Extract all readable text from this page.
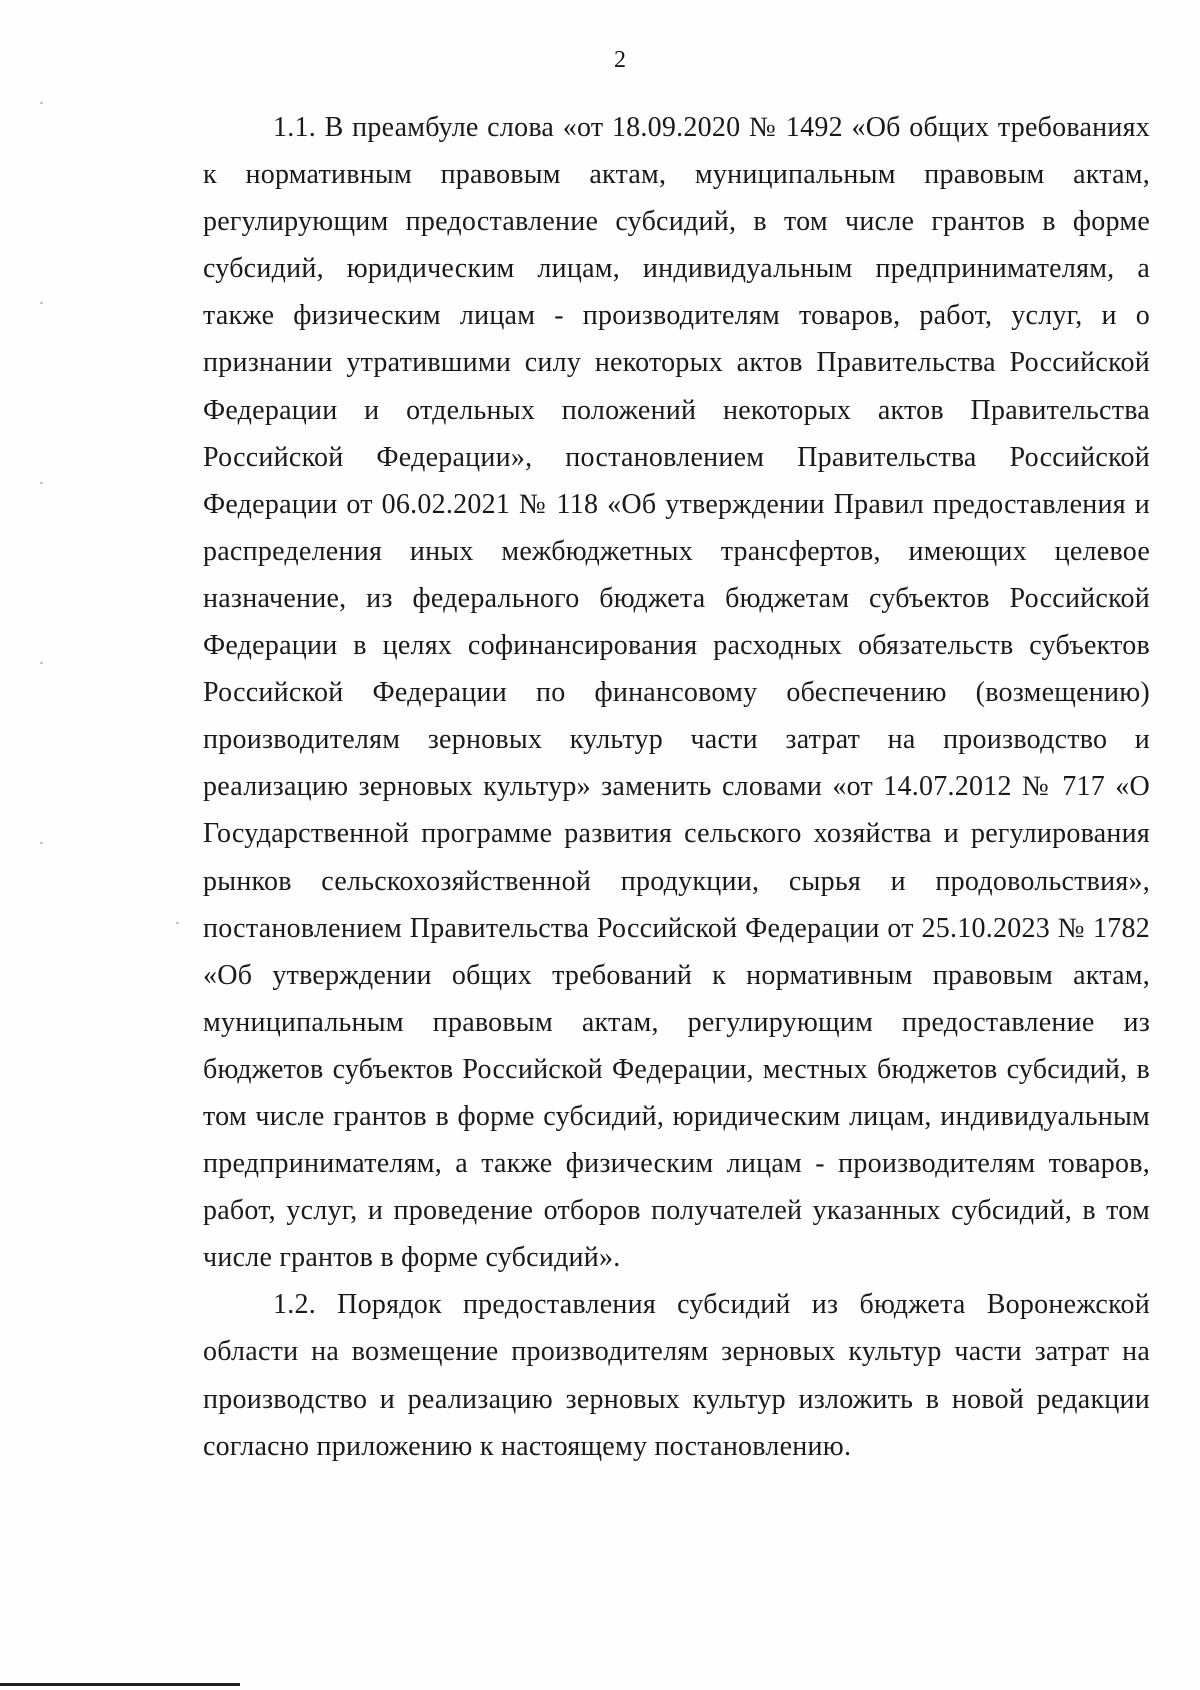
2

1.1. В преамбуле слова «от 18.09.2020 № 1492 «Об общих требованиях к нормативным правовым актам, муниципальным правовым актам, регулирующим предоставление субсидий, в том числе грантов в форме субсидий, юридическим лицам, индивидуальным предпринимателям, а также физическим лицам - производителям товаров, работ, услуг, и о признании утратившими силу некоторых актов Правительства Российской Федерации и отдельных положений некоторых актов Правительства Российской Федерации», постановлением Правительства Российской Федерации от 06.02.2021 № 118 «Об утверждении Правил предоставления и распределения иных межбюджетных трансфертов, имеющих целевое назначение, из федерального бюджета бюджетам субъектов Российской Федерации в целях софинансирования расходных обязательств субъектов Российской Федерации по финансовому обеспечению (возмещению) производителям зерновых культур части затрат на производство и реализацию зерновых культур» заменить словами «от 14.07.2012 № 717 «О Государственной программе развития сельского хозяйства и регулирования рынков сельскохозяйственной продукции, сырья и продовольствия», постановлением Правительства Российской Федерации от 25.10.2023 № 1782 «Об утверждении общих требований к нормативным правовым актам, муниципальным правовым актам, регулирующим предоставление из бюджетов субъектов Российской Федерации, местных бюджетов субсидий, в том числе грантов в форме субсидий, юридическим лицам, индивидуальным предпринимателям, а также физическим лицам - производителям товаров, работ, услуг, и проведение отборов получателей указанных субсидий, в том числе грантов в форме субсидий».

1.2. Порядок предоставления субсидий из бюджета Воронежской области на возмещение производителям зерновых культур части затрат на производство и реализацию зерновых культур изложить в новой редакции согласно приложению к настоящему постановлению.
